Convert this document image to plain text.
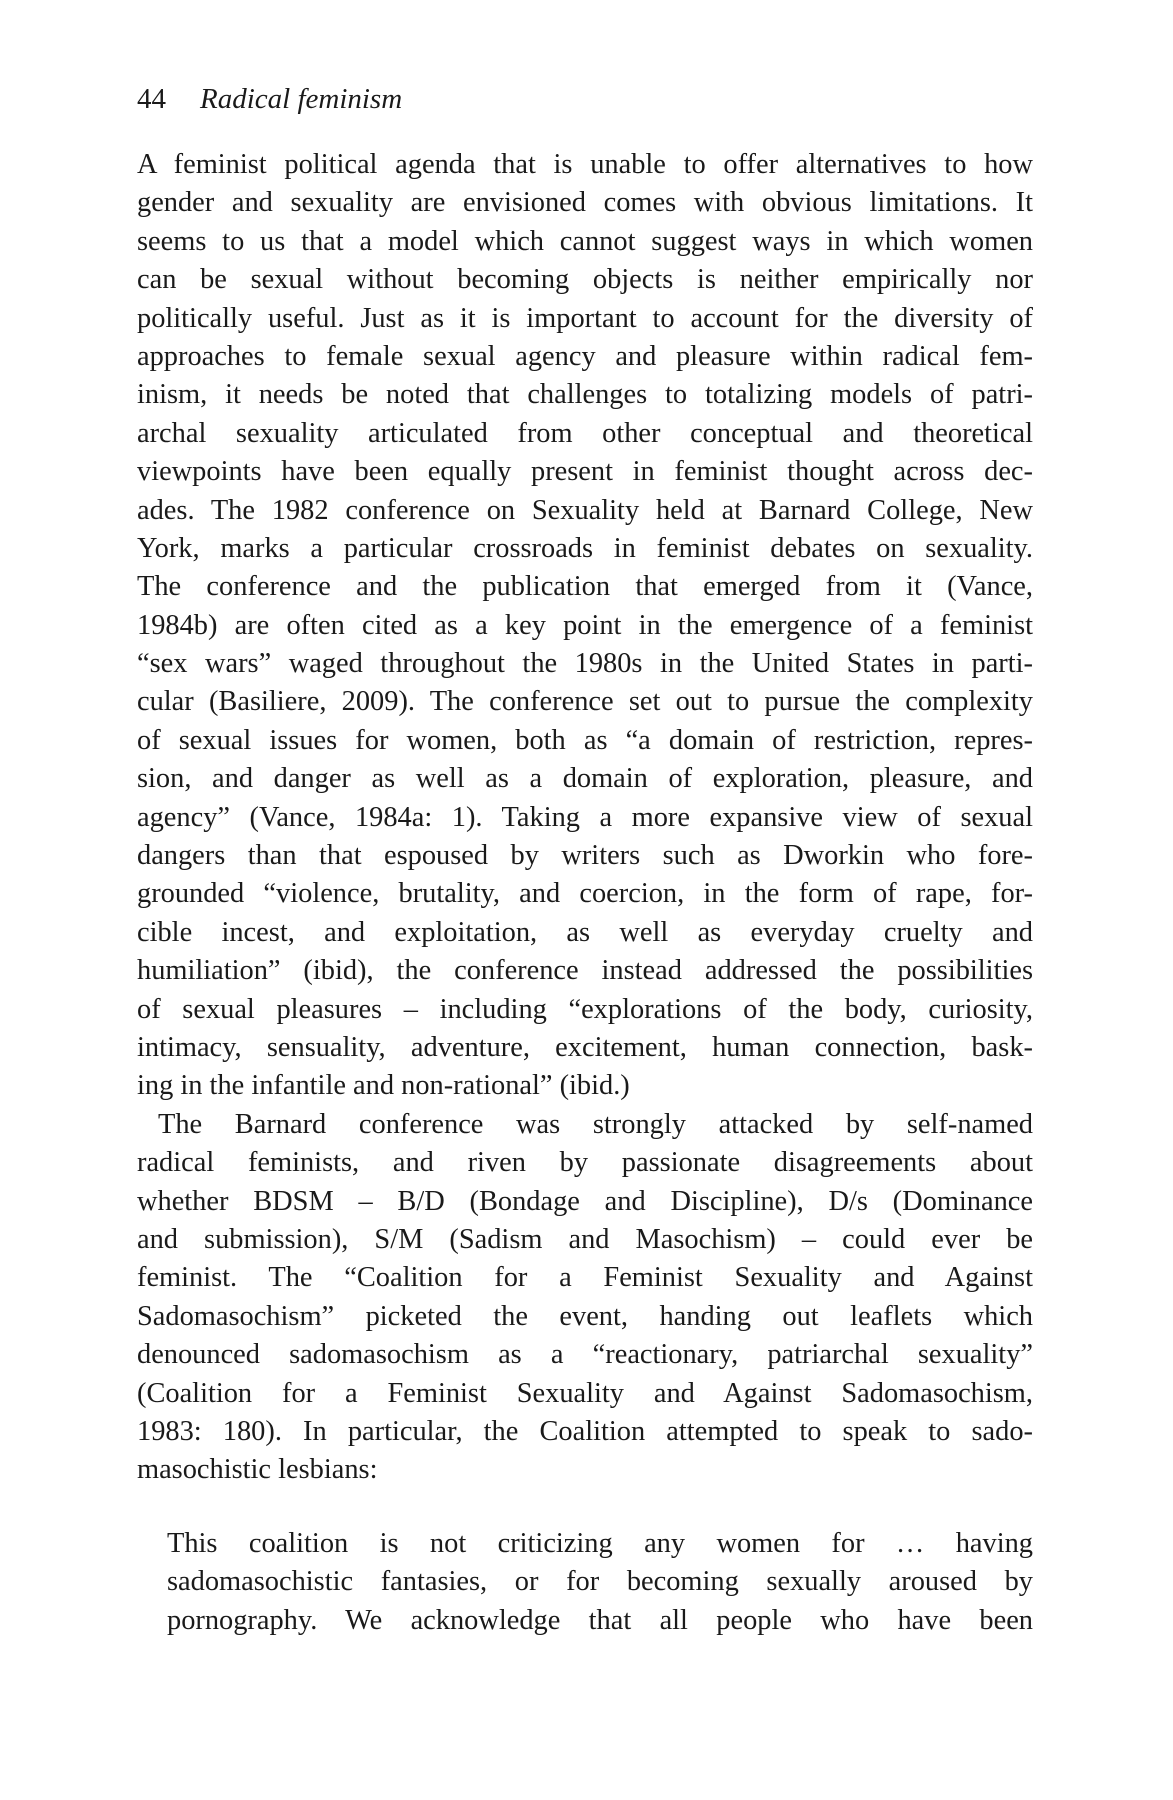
44 Radical feminism
A feminist political agenda that is unable to offer alternatives to how
gender and sexuality are envisioned comes with obvious limitations. It
seems to us that a model which cannot suggest ways in which women
can be sexual without becoming objects is neither empirically nor
politically useful. Just as it is important to account for the diversity of
approaches to female sexual agency and pleasure within radical fem-
inism, it needs be noted that challenges to totalizing models of patri-
archal sexuality articulated from other conceptual and theoretical
viewpoints have been equally present in feminist thought across dec-
ades. The 1982 conference on Sexuality held at Barnard College, New
York, marks a particular crossroads in feminist debates on sexuality.
The conference and the publication that emerged from it (Vance,
1984b) are often cited as a key point in the emergence of a feminist
“sex wars” waged throughout the 1980s in the United States in parti-
cular (Basiliere, 2009). The conference set out to pursue the complexity
of sexual issues for women, both as “a domain of restriction, repres-
sion, and danger as well as a domain of exploration, pleasure, and
agency” (Vance, 1984a: 1). Taking a more expansive view of sexual
dangers than that espoused by writers such as Dworkin who fore-
grounded “violence, brutality, and coercion, in the form of rape, for-
cible incest, and exploitation, as well as everyday cruelty and
humiliation” (ibid), the conference instead addressed the possibilities
of sexual pleasures – including “explorations of the body, curiosity,
intimacy, sensuality, adventure, excitement, human connection, bask-
ing in the infantile and non-rational” (ibid.)
The Barnard conference was strongly attacked by self-named
radical feminists, and riven by passionate disagreements about
whether BDSM – B/D (Bondage and Discipline), D/s (Dominance
and submission), S/M (Sadism and Masochism) – could ever be
feminist. The “Coalition for a Feminist Sexuality and Against
Sadomasochism” picketed the event, handing out leaflets which
denounced sadomasochism as a “reactionary, patriarchal sexuality”
(Coalition for a Feminist Sexuality and Against Sadomasochism,
1983: 180). In particular, the Coalition attempted to speak to sado-
masochistic lesbians:
This coalition is not criticizing any women for … having
sadomasochistic fantasies, or for becoming sexually aroused by
pornography. We acknowledge that all people who have been
